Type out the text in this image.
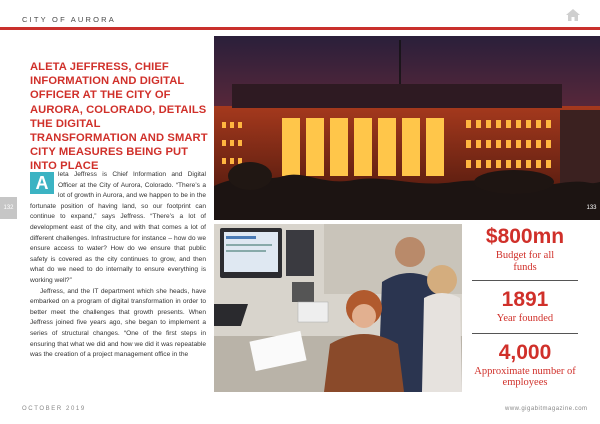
CITY OF AURORA
ALETA JEFFRESS, CHIEF INFORMATION AND DIGITAL OFFICER AT THE CITY OF AURORA, COLORADO, DETAILS THE DIGITAL TRANSFORMATION AND SMART CITY MEASURES BEING PUT INTO PLACE

A	leta Jeffress is Chief Information and Digital Officer at the City of Aurora, Colorado. “There’s a lot of growth in Aurora, and we happen to be in the fortunate position of having land, so our footprint can continue to expand,” says Jeffress. “There’s a lot of development east of the city, and with that comes a lot of different challenges. Infrastructure for instance – how do we ensure access to water? How do we ensure that public safety is covered as the city continues to grow, and then what do we need to do internally to ensure everything is working well?”

Jeffress, and the IT department which she heads, have embarked on a program of digital transformation in order to better meet the challenges that growth presents. When Jeffress joined five years ago, she began to implement a series of structural changes. “One of the first steps in ensuring that what we did and how we did it was repeatable was the creation of a project management office in the

132	133
$800mn
Budget for all funds
1891
Year founded
4,000
Approximate number of employees
OCTOBER 2019	www.gigabitmagazine.com
